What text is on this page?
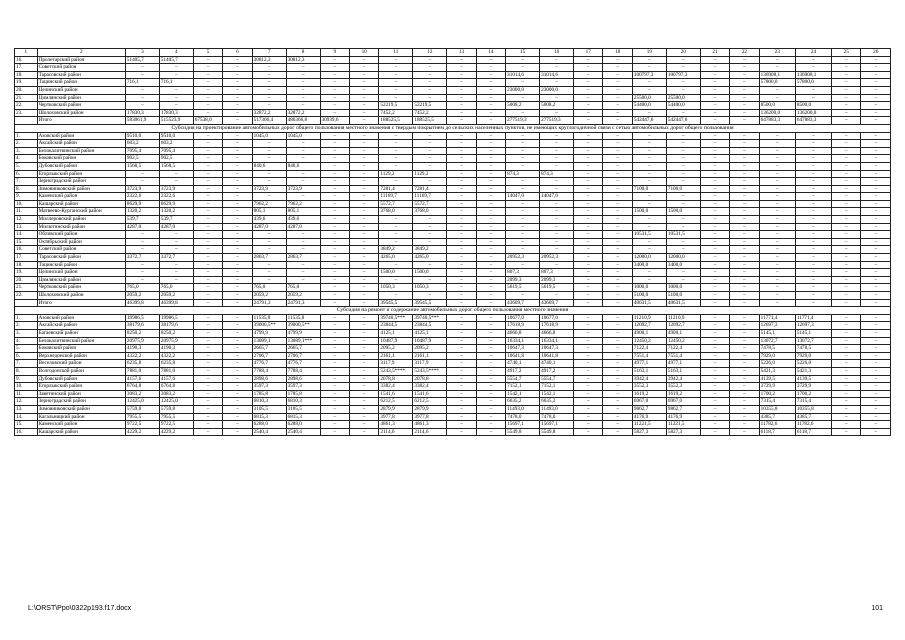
1	2	3	4	5	6	7	8	9	10	11	12	13	14	15	16	17	18	19	20	21	22	23	24	25	26
16.	Пролетарский район	51405,7	51405,7	–	–	30812,3	30812,3	–	–	–	–	–	–	–	–	–	–	–	–	–	–	–	–	–	–
17.	Советский район	–	–	–	–	–	–	–	–	–	–	–	–	–	–	–	–	–	–	–	–	–	–	–	–
18.	Тарасовский район	–	–	–	–	–	–	–	–	–	–	–	–	31014,6	31014,6	–	–	100797,3	100797,3	–	–	136908,1	136908,1	–	–
19.	Тацинский район	716,1	716,1	–	–	–	–	–	–	–	–	–	–	–	–	–	–	–	–	–	–	57800,0	57800,0	–	–
20.	Целинский район	–	–	–	–	–	–	–	–	–	–	–	–	23000,0	23000,0	–	–	–	–	–	–	–	–	–	–
21.	Цимлянский район	–	–	–	–	–	–	–	–	–	–	–	–	–	–	–	–	25500,0	25500,0	–	–	–	–	–	–
22.	Чертковский район	–	–	–	–	–	–	–	–	52219,5	52219,5	–	–	5008,2	5008,2	–	–	54400,0	54400,0	–	–	8500,0	8500,0	–	–
23.	Шолоховский район	17830,3	17830,3	–	–	32872,2	32872,2	–	–	7452,2	7452,2	–	–	–	–	–	–	–	–	–	–	136200,0	136200,0	–	–
	Итого	583061,9	515523,9	67538,0	–	517306,4	486366,8	30939,6	–	188525,5	188525,5	–	–	277519,3	277519,3	–	–	542447,6	542447,6	–	–	647883,3	647883,3	–	–
Субсидия на проектирование автомобильных дорог общего пользования местного значения с твердым покрытием до сельских населенных пунктов, не имеющих круглогодичной связи с сетью автомобильных дорог общего пользования																									
1.	Азовский район	9510,0	9510,0	–	–	1045,0	1045,0	–	–	–	–	–	–	–	–	–	–	–	–	–	–	–	–	–	–
2.	Аксайский район	603,2	603,2	–	–	–	–	–	–	–	–	–	–	–	–	–	–	–	–	–	–	–	–	–	–
3.	Белокалитвинский район	7095,4	7095,4	–	–	–	–	–	–	–	–	–	–	–	–	–	–	–	–	–	–	–	–	–	–
4.	Боковский район	902,5	902,5	–	–	–	–	–	–	–	–	–	–	–	–	–	–	–	–	–	–	–	–	–	–
5.	Дубовский район	1568,5	1568,5	–	–	840,6	840,6	–	–	–	–	–	–	–	–	–	–	–	–	–	–	–	–	–	–
6.	Егорлыкский район	–	–	–	–	–	–	–	–	1129,2	1129,2	–	–	874,3	874,3	–	–	–	–	–	–	–	–	–	–
7.	Зерноградский район	–	–	–	–	–	–	–	–	–	–	–	–	–	–	–	–	–	–	–	–	–	–	–	–
8.	Зимовниковский район	3723,9	3723,9	–	–	3723,9	3723,9	–	–	7281,4	7281,4	–	–	–	–	–	–	7100,0	7100,0	–	–	–	–	–	–
9.	Каменский район	2322,6	2322,6	–	–	–	–	–	–	11169,7	11169,7	–	–	14047,0	14047,0	–	–	–	–	–	–	–	–	–	–
10.	Кашарский район	8629,9	8629,9	–	–	7962,2	7962,2	–	–	5572,7	5572,7	–	–	–	–	–	–	–	–	–	–	–	–	–	–
11.	Матвеево-Курганский район	1320,2	1320,2	–	–	805,1	805,1	–	–	3768,0	3768,0	–	–	–	–	–	–	1500,0	1500,0	–	–	–	–	–	–
12.	Миллеровский район	539,7	539,7	–	–	439,6	439,6	–	–	–	–	–	–	–	–	–	–	–	–	–	–	–	–	–	–
13.	Милютинский район	4287,0	4287,0	–	–	4287,0	4287,0	–	–	–	–	–	–	–	–	–	–	–	–	–	–	–	–	–	–
14.	Обливский район	–	–	–	–	–	–	–	–	–	–	–	–	–	–	–	–	10531,5	10531,5	–	–	–	–	–	–
15.	Октябрьский район	–	–	–	–	–	–	–	–	–	–	–	–	–	–	–	–	–	–	–	–	–	–	–	–
16.	Советский район	–	–	–	–	–	–	–	–	3849,2	3849,2	–	–	–	–	–	–	–	–	–	–	–	–	–	–
17.	Тарасовский район	3372,7	3372,7	–	–	2863,7	2863,7	–	–	4265,0	4265,0	–	–	20952,3	20952,3	–	–	12000,0	12000,0	–	–	–	–	–	–
18.	Тацинский район	–	–	–	–	–	–	–	–	–	–	–	–	–	–	–	–	3400,0	3400,0	–	–	–	–	–	–
19.	Целинский район	–	–	–	–	–	–	–	–	1500,0	1500,0	–	–	807,3	807,3	–	–	–	–	–	–	–	–	–	–
20.	Цимлянский район	–	–	–	–	–	–	–	–	–	–	–	–	2099,3	2099,3	–	–	–	–	–	–	–	–	–	–
21.	Чертковский район	765,0	765,0	–	–	765,0	765,0	–	–	1050,3	1050,3	–	–	5619,5	5619,5	–	–	1000,0	1000,0	–	–	–	–	–	–
22.	Шолоховский район	2059,2	2059,2	–	–	2059,2	2059,2	–	–	–	–	–	–	–	–	–	–	5100,0	5100,0	–	–	–	–	–	–
	Итого	46399,8	46399,8	–	–	24791,3	24791,3	–	–	39545,5	39545,5	–	–	43609,7	43609,7	–	–	40631,5	40631,5	–	–	–	–	–	–
Субсидия на ремонт и содержание автомобильных дорог общего пользования местного значения																									
1.	Азовский район	19986,5	19986,5	–	–	11535,8	11535,8	–	–	39740,5***	39740,5***	–	–	10677,0	10677,0	–	–	11210,9	11210,9	–	–	11771,4	11771,4	–	–
2.	Аксайский район	38179,6	38179,6	–	–	39000,5**	39000,5**	–	–	23844,5	23844,5	–	–	17618,9	17618,9	–	–	12092,7	12092,7	–	–	12697,3	12697,3	–	–
3.	Багаевский район	8250,2	8250,2	–	–	4799,9	4799,9	–	–	4125,1	4125,1	–	–	4666,8	4666,8	–	–	4900,1	4900,1	–	–	5145,1	5145,1	–	–
4.	Белокалитвинский район	20975,9	20975,9	–	–	13089,1	13089,1***	–	–	10487,9	10487,9	–	–	16334,1	16334,1	–	–	12450,2	12450,2	–	–	13072,7	13072,7	–	–
5.	Боковский район	4190,3	4190,3	–	–	2665,7	2665,7	–	–	2095,2	2095,2	–	–	10647,3	10647,3	–	–	7122,4	7122,4	–	–	7478,5	7478,5	–	–
6.	Верхнедонской район	4322,2	4322,2	–	–	2706,7	2706,7	–	–	2161,1	2161,1	–	–	10641,8	10641,8	–	–	7551,4	7551,4	–	–	7929,0	7929,0	–	–
7.	Веселовский район	6235,8	6235,8	–	–	4776,7	4776,7	–	–	3117,9	3117,9	–	–	4740,1	4740,1	–	–	4977,1	4977,1	–	–	5226,0	5226,0	–	–
8.	Волгодонской район	7881,0	7881,0	–	–	7788,4	7788,4	–	–	5243,5****	5243,5****	–	–	4917,2	4917,2	–	–	5163,1	5163,1	–	–	5421,3	5421,3	–	–
9.	Дубовский район	4157,6	4157,6	–	–	2898,6	2898,6	–	–	2078,8	2078,8	–	–	5554,7	5554,7	–	–	3942,4	3942,4	–	–	4139,5	4139,5	–	–
10.	Егорлыкский район	6764,8	6764,8	–	–	3597,3	3597,3	–	–	3382,4	3382,4	–	–	7152,1	7152,1	–	–	3552,3	3552,3	–	–	3729,9	3729,9	–	–
11.	Заветинский район	3083,2	3083,2	–	–	1785,8	1785,8	–	–	1541,6	1541,6	–	–	1542,1	1542,1	–	–	1619,2	1619,2	–	–	1700,2	1700,2	–	–
12.	Зерноградский район	12425,0	12425,0	–	–	6810,3	6810,3	–	–	6212,5	6212,5	–	–	6635,2	6635,2	–	–	6967,0	6967,0	–	–	7315,4	7315,4	–	–
13.	Зимовниковский район	5759,8	5759,8	–	–	3105,5	3105,5	–	–	2879,9	2879,9	–	–	11493,0	11493,0	–	–	9862,7	9862,7	–	–	10355,8	10355,8	–	–
14.	Кагальницкий район	7955,5	7955,5	–	–	6815,3	6815,3	–	–	3977,8	3977,8	–	–	7478,0	7478,0	–	–	4176,9	4176,9	–	–	4385,7	4385,7	–	–
15.	Каменский район	9722,5	9722,5	–	–	6288,0	6288,0	–	–	4861,3	4861,3	–	–	15697,1	15697,1	–	–	11221,5	11221,5	–	–	11782,6	11782,6	–	–
16.	Кашарский район	4229,2	4229,2	–	–	2540,4	2540,4	–	–	2114,6	2114,6	–	–	5549,8	5549,8	–	–	5827,3	5827,3	–	–	6118,7	6118,7	–	–
L:\ORST\Ppo\0322p193.f17.docx	101
